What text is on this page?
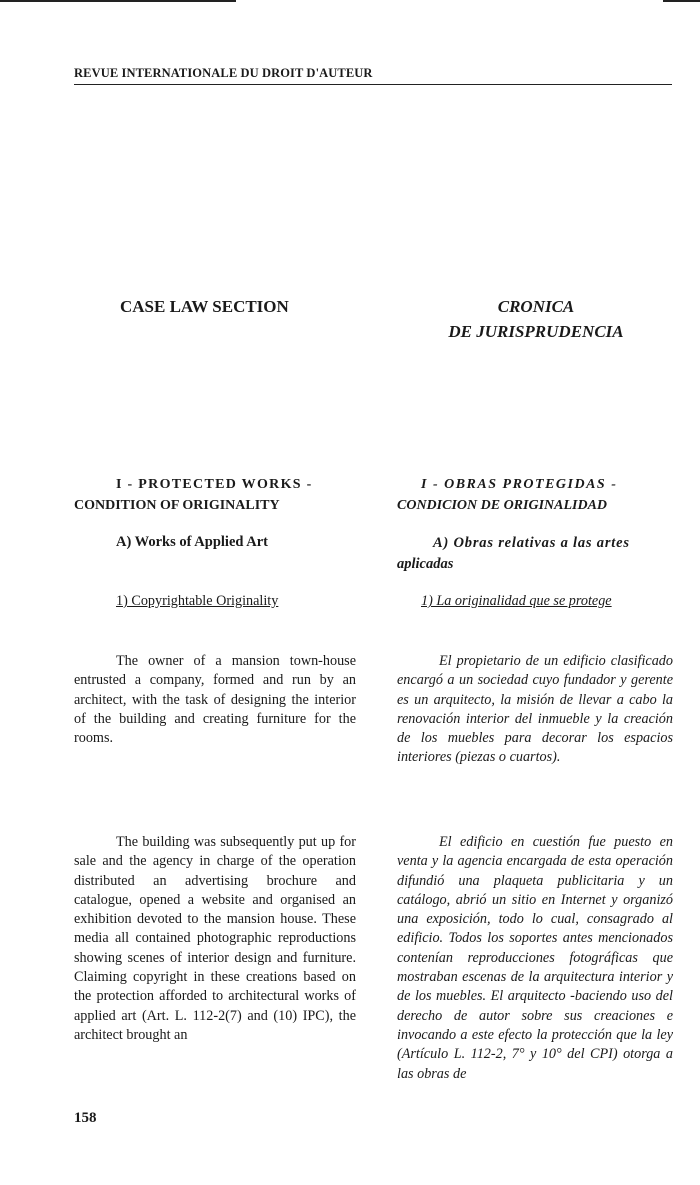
REVUE INTERNATIONALE DU DROIT D'AUTEUR
CASE LAW SECTION	CRONICA
DE JURISPRUDENCIA
I - PROTECTED WORKS -
CONDITION OF ORIGINALITY
I - OBRAS PROTEGIDAS -
CONDICION DE ORIGINALIDAD
A) Works of Applied Art	A) Obras relativas a las artes
aplicadas
1) Copyrightable Originality	1) La originalidad que se protege
The owner of a mansion town-house entrusted a company, formed and run by an architect, with the task of designing the interior of the building and creating furniture for the rooms.
El propietario de un edificio clasificado encargó a un sociedad cuyo fundador y gerente es un arquitecto, la misión de llevar a cabo la renovación interior del inmueble y la creación de los muebles para decorar los espacios interiores (piezas o cuartos).
The building was subsequently put up for sale and the agency in charge of the operation distributed an advertising brochure and catalogue, opened a website and organised an exhibition devoted to the mansion house. These media all contained photographic reproductions showing scenes of interior design and furniture. Claiming copyright in these creations based on the protection afforded to architectural works of applied art (Art. L. 112-2(7) and (10) IPC), the architect brought an
El edificio en cuestión fue puesto en venta y la agencia encargada de esta operación difundió una plaqueta publicitaria y un catálogo, abrió un sitio en Internet y organizó una exposición, todo lo cual, consagrado al edificio. Todos los soportes antes mencionados contenían reproducciones fotográficas que mostraban escenas de la arquitectura interior y de los muebles. El arquitecto -baciendo uso del derecho de autor sobre sus creaciones e invocando a este efecto la protección que la ley (Artículo L. 112-2, 7° y 10° del CPI) otorga a las obras de
158
